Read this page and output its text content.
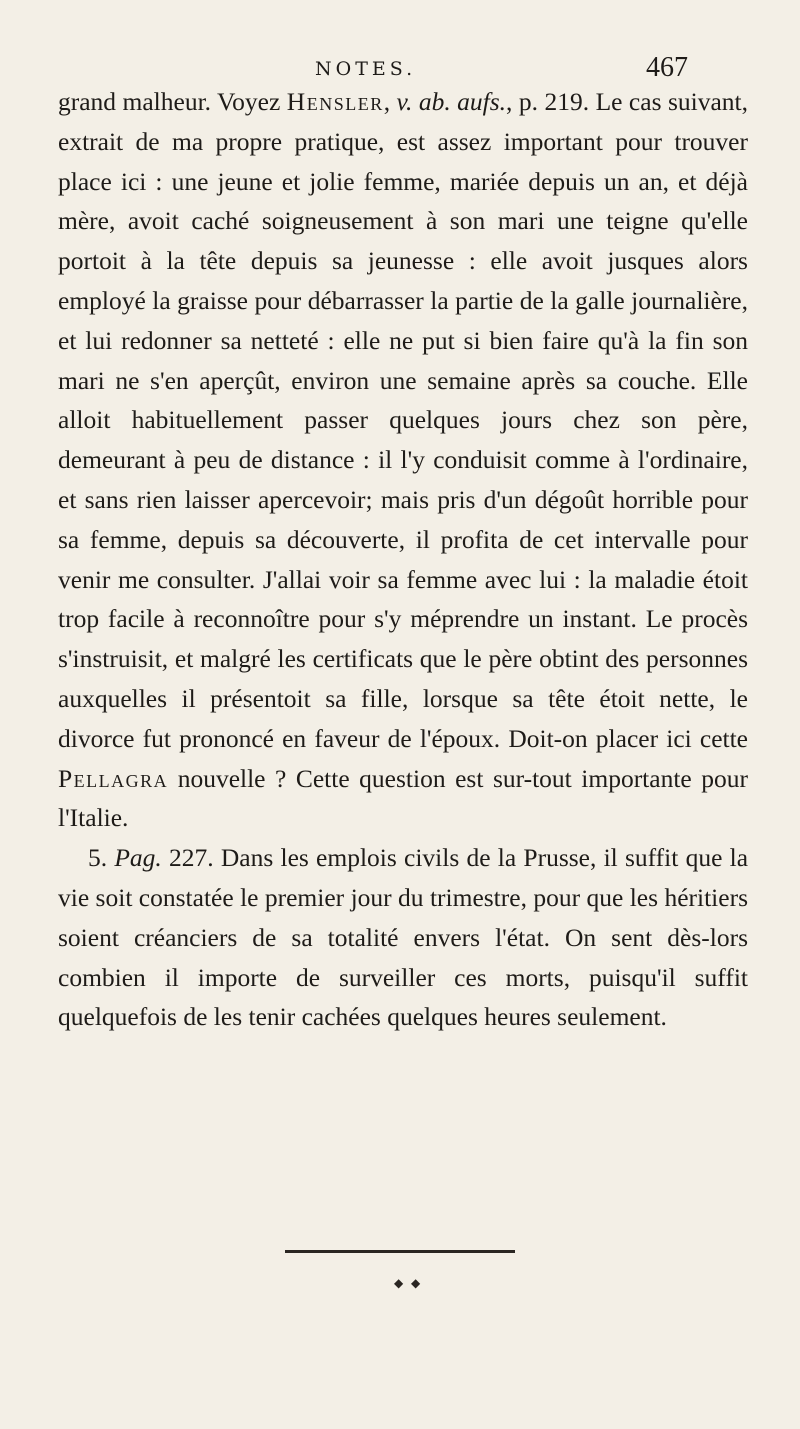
NOTES.	467

grand malheur. Voyez Hensler, v. ab. aufs., p. 219. Le cas suivant, extrait de ma propre pratique, est assez important pour trouver place ici : une jeune et jolie femme, mariée depuis un an, et déjà mère, avoit caché soigneusement à son mari une teigne qu'elle portoit à la tête depuis sa jeunesse : elle avoit jusques alors employé la graisse pour débarrasser la partie de la galle journalière, et lui redonner sa netteté : elle ne put si bien faire qu'à la fin son mari ne s'en aperçût, environ une semaine après sa couche. Elle alloit habituellement passer quelques jours chez son père, demeurant à peu de distance : il l'y conduisit comme à l'ordinaire, et sans rien laisser apercevoir; mais pris d'un dégoût horrible pour sa femme, depuis sa découverte, il profita de cet intervalle pour venir me consulter. J'allai voir sa femme avec lui : la maladie étoit trop facile à reconnoître pour s'y méprendre un instant. Le procès s'instruisit, et malgré les certificats que le père obtint des personnes auxquelles il présentoit sa fille, lorsque sa tête étoit nette, le divorce fut prononcé en faveur de l'époux. Doit-on placer ici cette Pellagra nouvelle ? Cette question est sur-tout importante pour l'Italie.

5. Pag. 227. Dans les emplois civils de la Prusse, il suffit que la vie soit constatée le premier jour du trimestre, pour que les héritiers soient créanciers de sa totalité envers l'état. On sent dès-lors combien il importe de surveiller ces morts, puisqu'il suffit quelquefois de les tenir cachées quelques heures seulement.

◆ ◆
